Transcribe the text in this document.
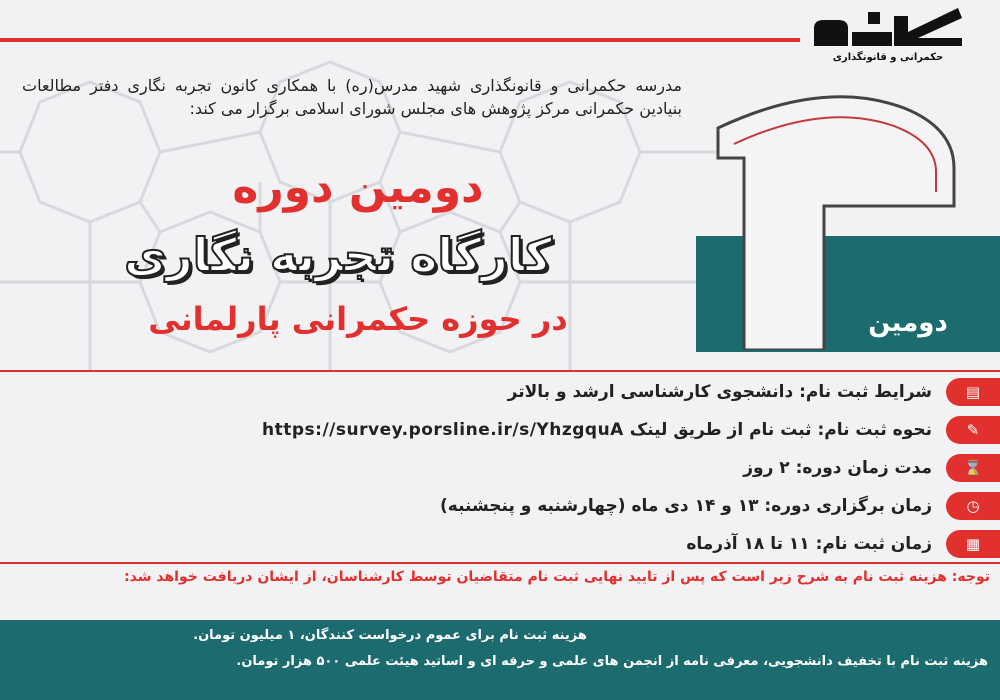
حکمرانی و قانونگذاری
دومین
مدرسه حکمرانی و قانونگذاری شهید مدرس(ره) با همکاری کانون تجربه نگاری دفتر مطالعات بنیادین حکمرانی مرکز پژوهش های مجلس شورای اسلامی برگزار می کند:
دومین دوره
کارگاه تجربه نگاری
در حوزه حکمرانی پارلمانی
▤
شرایط ثبت نام: دانشجوی کارشناسی ارشد و بالاتر
✎
نحوه ثبت نام: ثبت نام از طریق لینک https://survey.porsline.ir/s/YhzgquA
⌛
مدت زمان دوره: ۲ روز
◷
زمان برگزاری دوره: ۱۳ و ۱۴ دی ماه (چهارشنبه و پنجشنبه)
▦
زمان ثبت نام: ۱۱ تا ۱۸ آذرماه
توجه: هزینه ثبت نام به شرح زیر است که پس از تایید نهایی ثبت نام متقاضیان توسط کارشناسان، از ایشان دریافت خواهد شد:
هزینه ثبت نام برای عموم درخواست کنندگان، ۱ میلیون تومان.
هزینه ثبت نام با تخفیف دانشجویی، معرفی نامه از انجمن های علمی و حرفه ای و اساتید هیئت علمی ۵۰۰ هزار تومان.
